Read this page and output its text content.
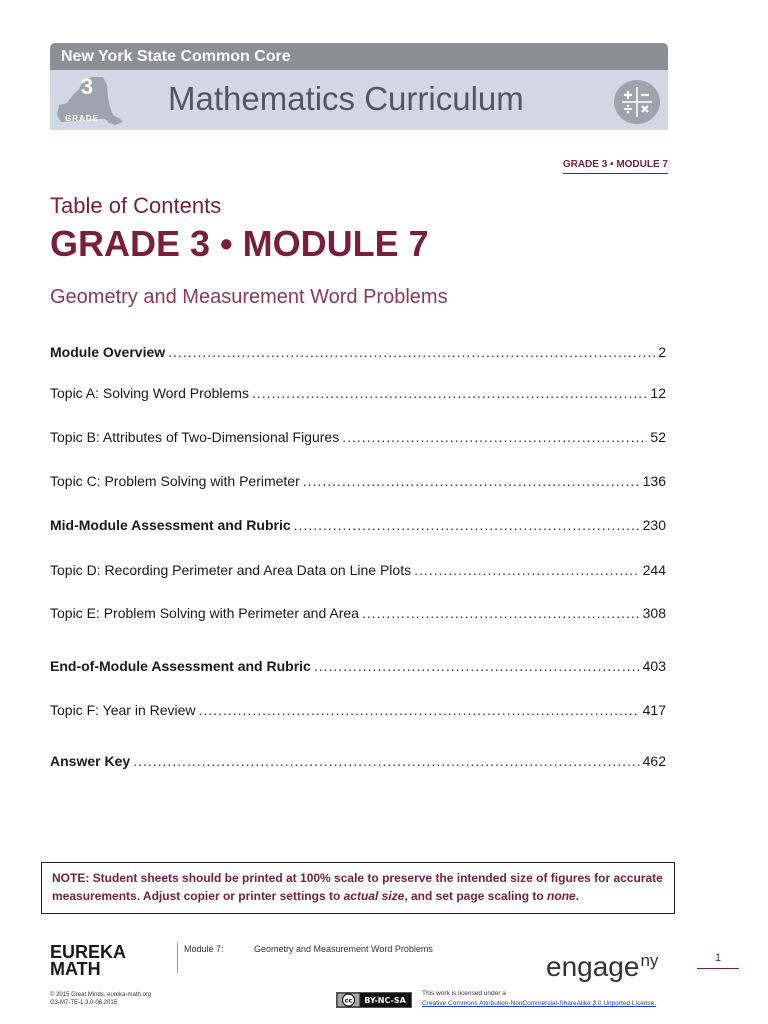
New York State Common Core
3
GRADE
Mathematics Curriculum
GRADE 3 • MODULE 7
Table of Contents
GRADE 3 • MODULE 7
Geometry and Measurement Word Problems
Module Overview .....	2
Topic A: Solving Word Problems .....	12
Topic B: Attributes of Two-Dimensional Figures .....	52
Topic C: Problem Solving with Perimeter .....	136
Mid-Module Assessment and Rubric .....	230
Topic D: Recording Perimeter and Area Data on Line Plots .....	244
Topic E: Problem Solving with Perimeter and Area .....	308
End-of-Module Assessment and Rubric .....	403
Topic F: Year in Review .....	417
Answer Key .....	462
NOTE: Student sheets should be printed at 100% scale to preserve the intended size of figures for accurate measurements. Adjust copier or printer settings to actual size, and set page scaling to none.
EUREKA
MATH
Module 7:	Geometry and Measurement Word Problems
engage$^{ny}$	1
© 2015 Great Minds. eureka-math.org
G3-M7-TE-1.3.0-06.2015	cc BY-NC-SA
This work is licensed under a
Creative Commons Attribution-NonCommercial-ShareAlike 3.0 Unported License.
